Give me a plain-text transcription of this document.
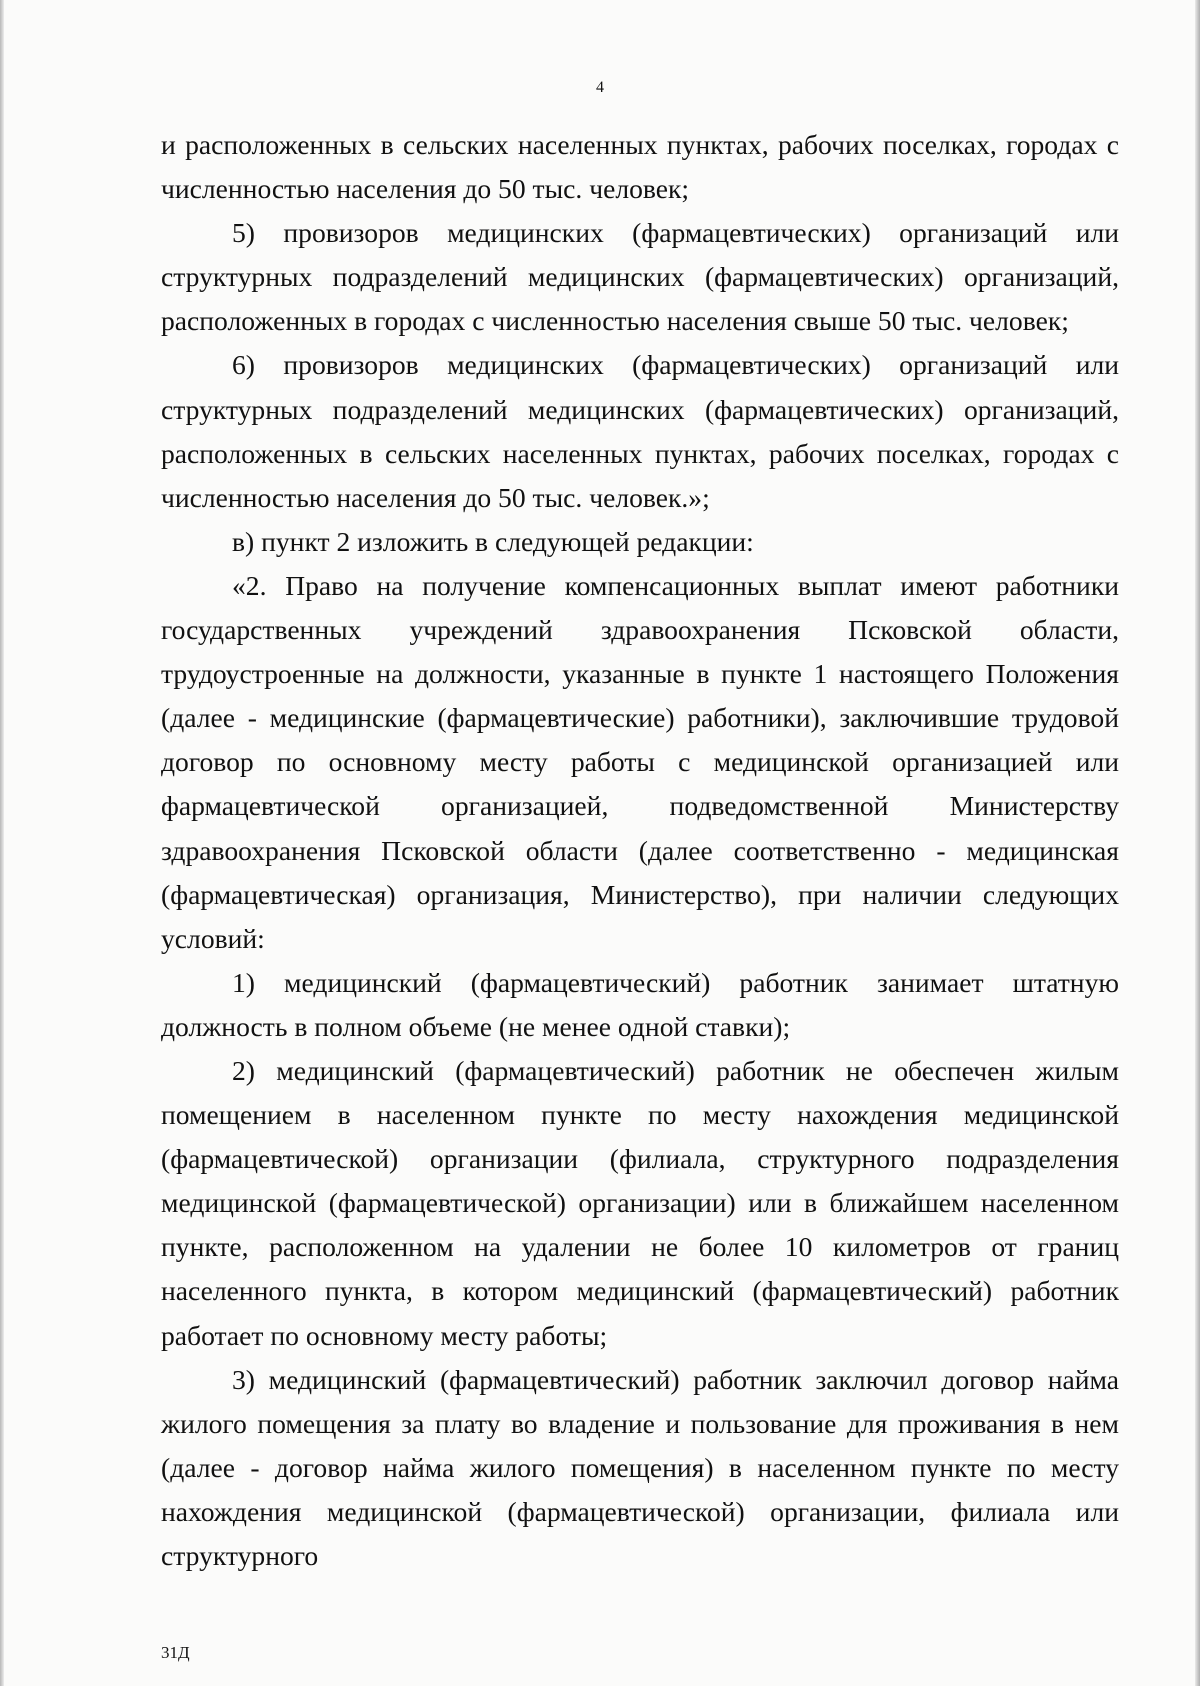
4

и расположенных в сельских населенных пунктах, рабочих поселках, городах с численностью населения до 50 тыс. человек;

5) провизоров медицинских (фармацевтических) организаций или структурных подразделений медицинских (фармацевтических) организаций, расположенных в городах с численностью населения свыше 50 тыс. человек;

6) провизоров медицинских (фармацевтических) организаций или структурных подразделений медицинских (фармацевтических) организаций, расположенных в сельских населенных пунктах, рабочих поселках, городах с численностью населения до 50 тыс. человек.»;

в) пункт 2 изложить в следующей редакции:

«2. Право на получение компенсационных выплат имеют работники государственных учреждений здравоохранения Псковской области, трудоустроенные на должности, указанные в пункте 1 настоящего Положения (далее - медицинские (фармацевтические) работники), заключившие трудовой договор по основному месту работы с медицинской организацией или фармацевтической организацией, подведомственной Министерству здравоохранения Псковской области (далее соответственно - медицинская (фармацевтическая) организация, Министерство), при наличии следующих условий:

1) медицинский (фармацевтический) работник занимает штатную должность в полном объеме (не менее одной ставки);

2) медицинский (фармацевтический) работник не обеспечен жилым помещением в населенном пункте по месту нахождения медицинской (фармацевтической) организации (филиала, структурного подразделения медицинской (фармацевтической) организации) или в ближайшем населенном пункте, расположенном на удалении не более 10 километров от границ населенного пункта, в котором медицинский (фармацевтический) работник работает по основному месту работы;

3) медицинский (фармацевтический) работник заключил договор найма жилого помещения за плату во владение и пользование для проживания в нем (далее - договор найма жилого помещения) в населенном пункте по месту нахождения медицинской (фармацевтической) организации, филиала или структурного

31Д
